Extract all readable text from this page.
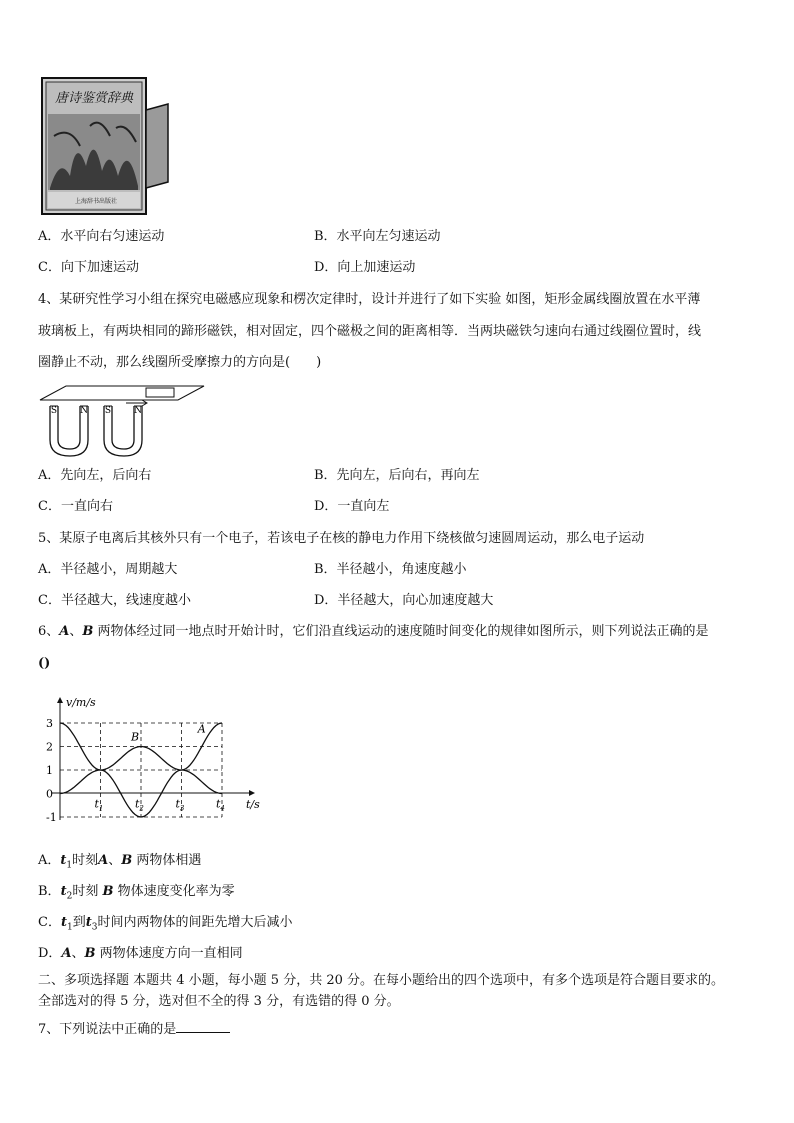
上海辞书出版社
唐诗鉴赏辞典
A．水平向右匀速运动	B．水平向左匀速运动
C．向下加速运动	D．向上加速运动
4、某研究性学习小组在探究电磁感应现象和楞次定律时，设计并进行了如下实验 如图，矩形金属线圈放置在水平薄
玻璃板上，有两块相同的蹄形磁铁，相对固定，四个磁极之间的距离相等．当两块磁铁匀速向右通过线圈位置时，线
圈静止不动，那么线圈所受摩擦力的方向是(　　)
S	N S	N
A．先向左，后向右	B．先向左，后向右，再向左
C．一直向右	D．一直向左
5、某原子电离后其核外只有一个电子，若该电子在核的静电力作用下绕核做匀速圆周运动，那么电子运动
A．半径越小，周期越大	B．半径越小，角速度越小
C．半径越大，线速度越小	D．半径越大，向心加速度越大
6、A、B 两物体经过同一地点时开始计时，它们沿直线运动的速度随时间变化的规律如图所示，则下列说法正确的是
()
v/m/s
t/s
3
2
1
0
-1
$t_1$	$t_2$	$t_3$	$t_4$
A
B
A．$t_1$时刻A、B 两物体相遇
B．$t_2$时刻 B 物体速度变化率为零
C．$t_1$到$t_3$时间内两物体的间距先增大后减小
D．A、B 两物体速度方向一直相同
二、多项选择题 本题共 4 小题，每小题 5 分，共 20 分。在每小题给出的四个选项中，有多个选项是符合题目要求的。
全部选对的得 5 分，选对但不全的得 3 分，有选错的得 0 分。
7、下列说法中正确的是
